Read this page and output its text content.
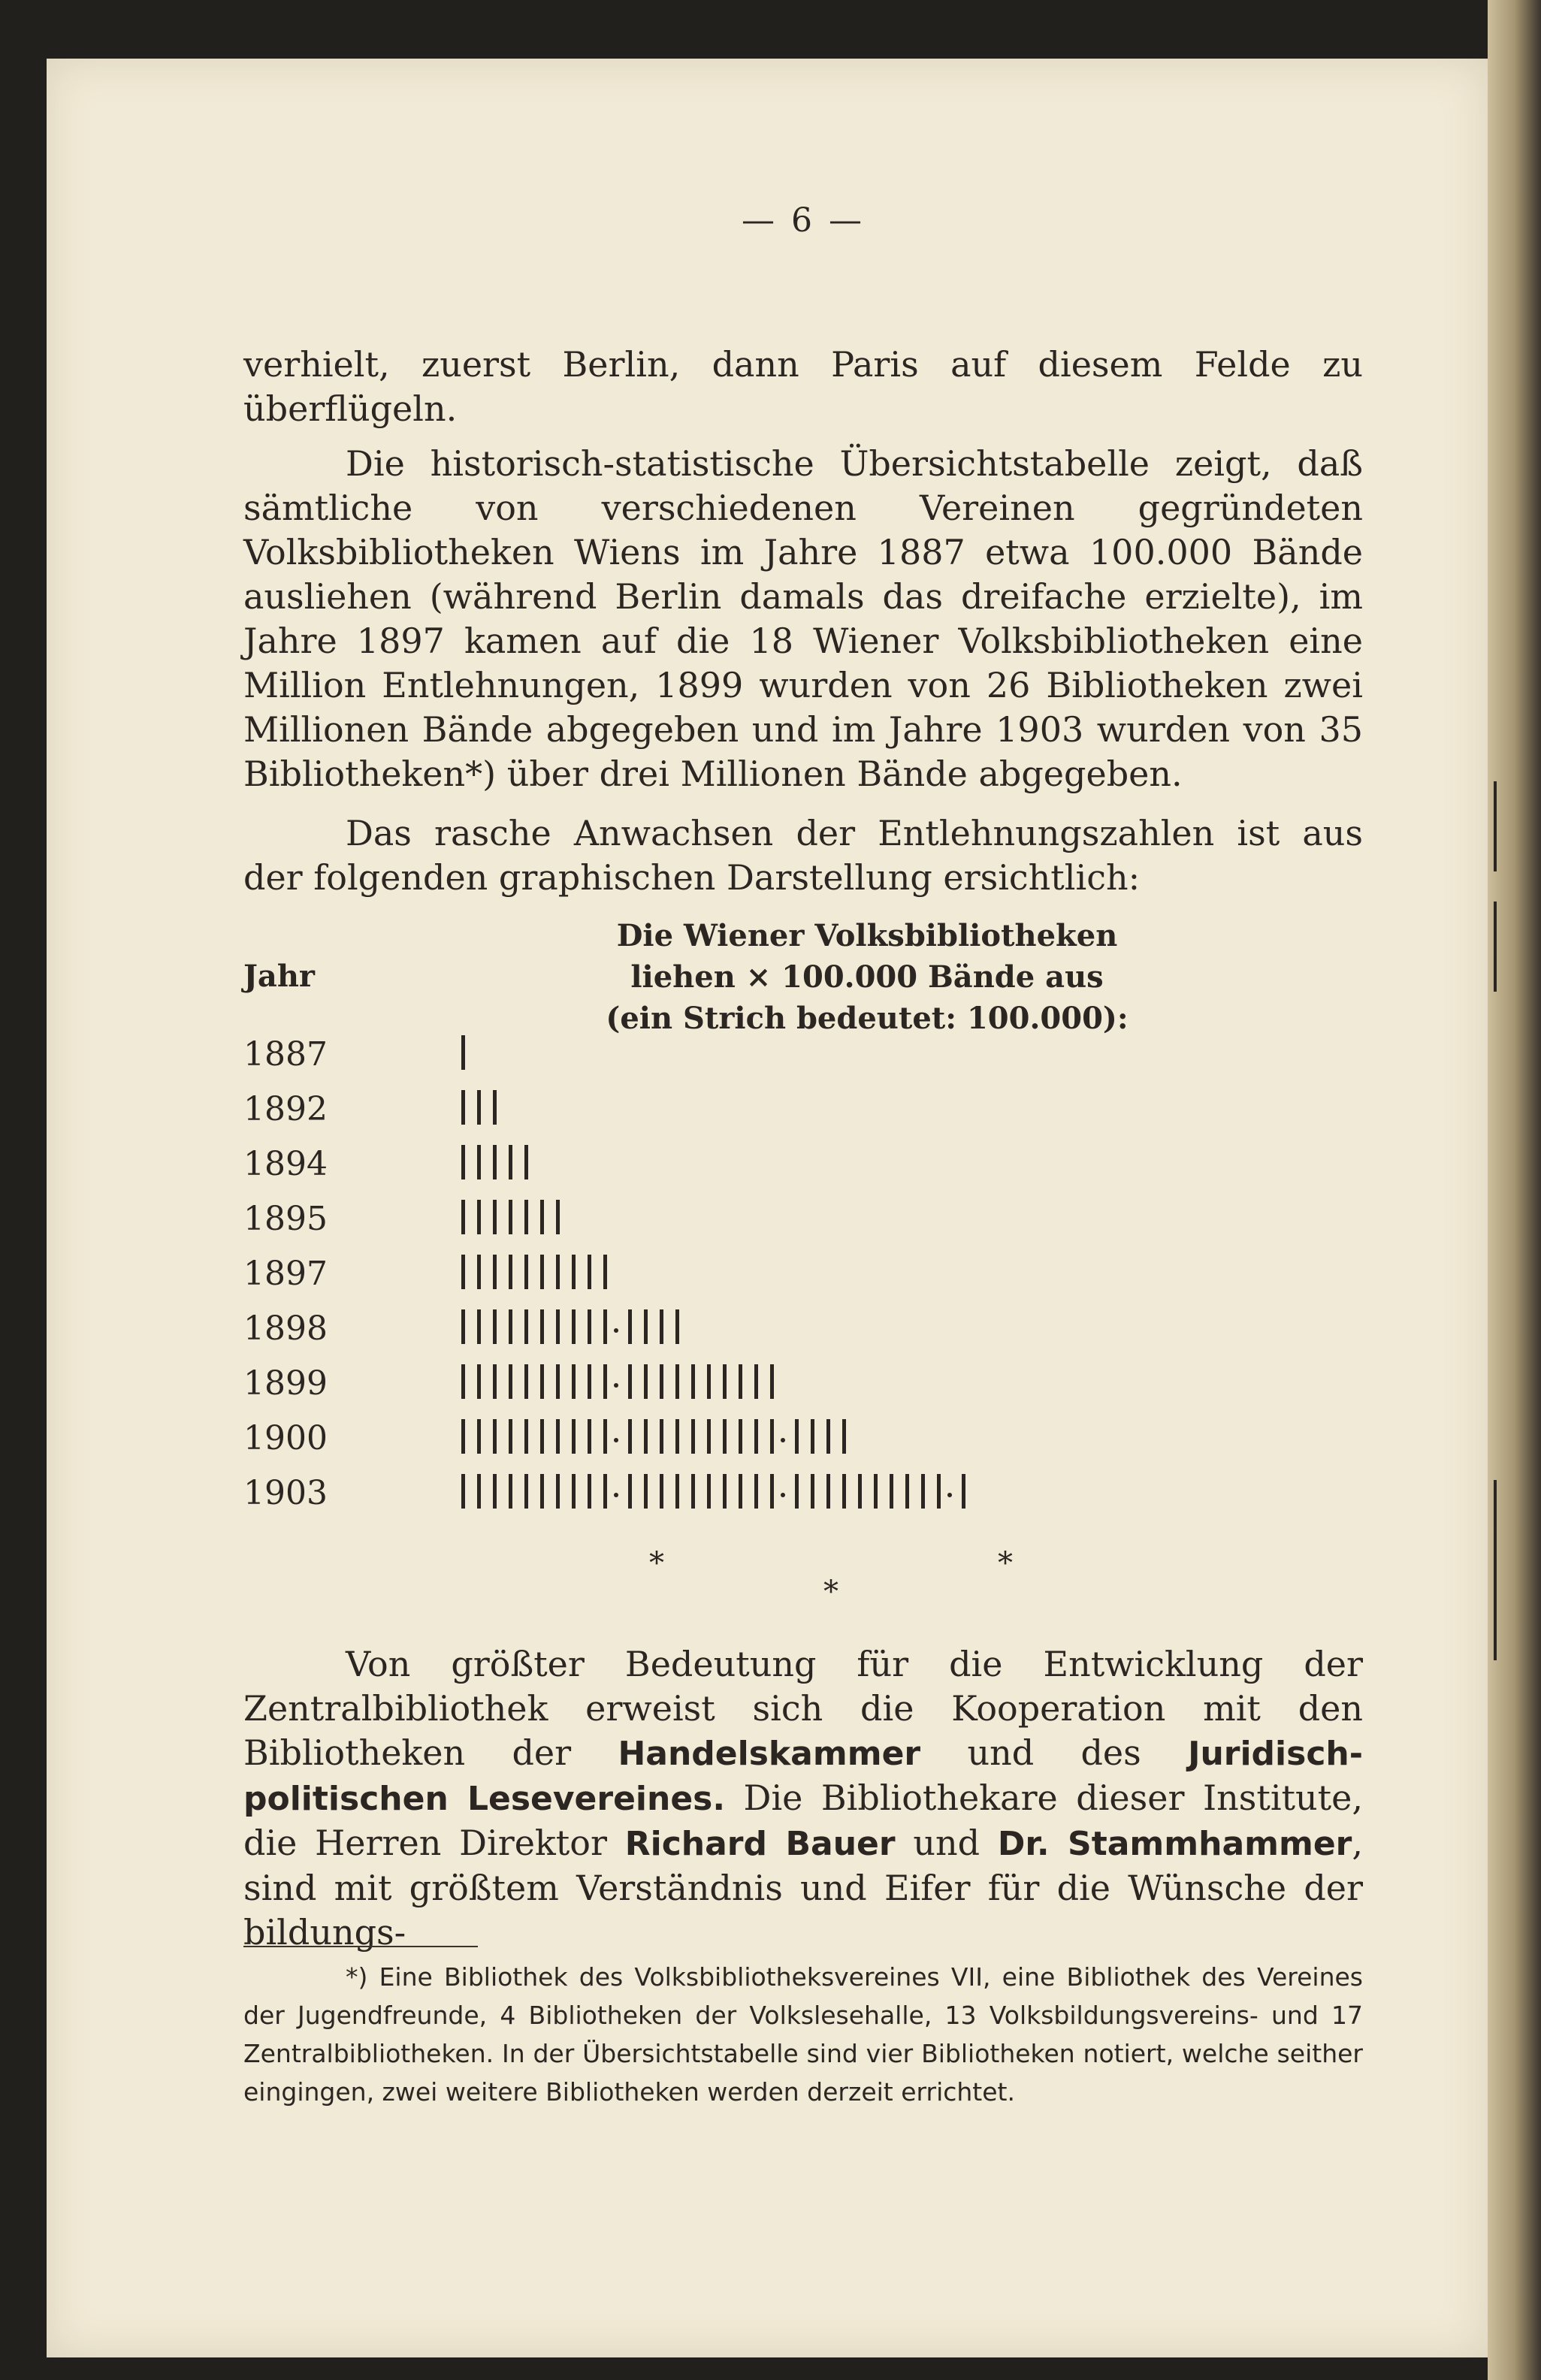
— 6 —

verhielt, zuerst Berlin, dann Paris auf diesem Felde zu überflügeln.

Die historisch-statistische Übersichtstabelle zeigt, daß sämtliche von verschiedenen Vereinen gegründeten Volksbibliotheken Wiens im Jahre 1887 etwa 100.000 Bände ausliehen (während Berlin damals das dreifache erzielte), im Jahre 1897 kamen auf die 18 Wiener Volksbibliotheken eine Million Entlehnungen, 1899 wurden von 26 Bibliotheken zwei Millionen Bände abgegeben und im Jahre 1903 wurden von 35 Bibliotheken*) über drei Millionen Bände abgegeben.

Das rasche Anwachsen der Entlehnungszahlen ist aus der folgenden graphischen Darstellung ersichtlich:

Die Wiener Volksbibliotheken
liehen × 100.000 Bände aus
(ein Strich bedeutet: 100.000):
Jahr
1887
1892
1894
1895
1897
1898
1899
1900
1903
*
*
*

Von größter Bedeutung für die Entwicklung der Zentralbibliothek erweist sich die Kooperation mit den Bibliotheken der Handelskammer und des Juridisch-politischen Lesevereines. Die Bibliothekare dieser Institute, die Herren Direktor Richard Bauer und Dr. Stammhammer, sind mit größtem Verständnis und Eifer für die Wünsche der bildungs-

*) Eine Bibliothek des Volksbibliotheksvereines VII, eine Bibliothek des Vereines der Jugendfreunde, 4 Bibliotheken der Volkslesehalle, 13 Volksbildungsvereins- und 17 Zentralbibliotheken. In der Übersichtstabelle sind vier Bibliotheken notiert, welche seither eingingen, zwei weitere Bibliotheken werden derzeit errichtet.
